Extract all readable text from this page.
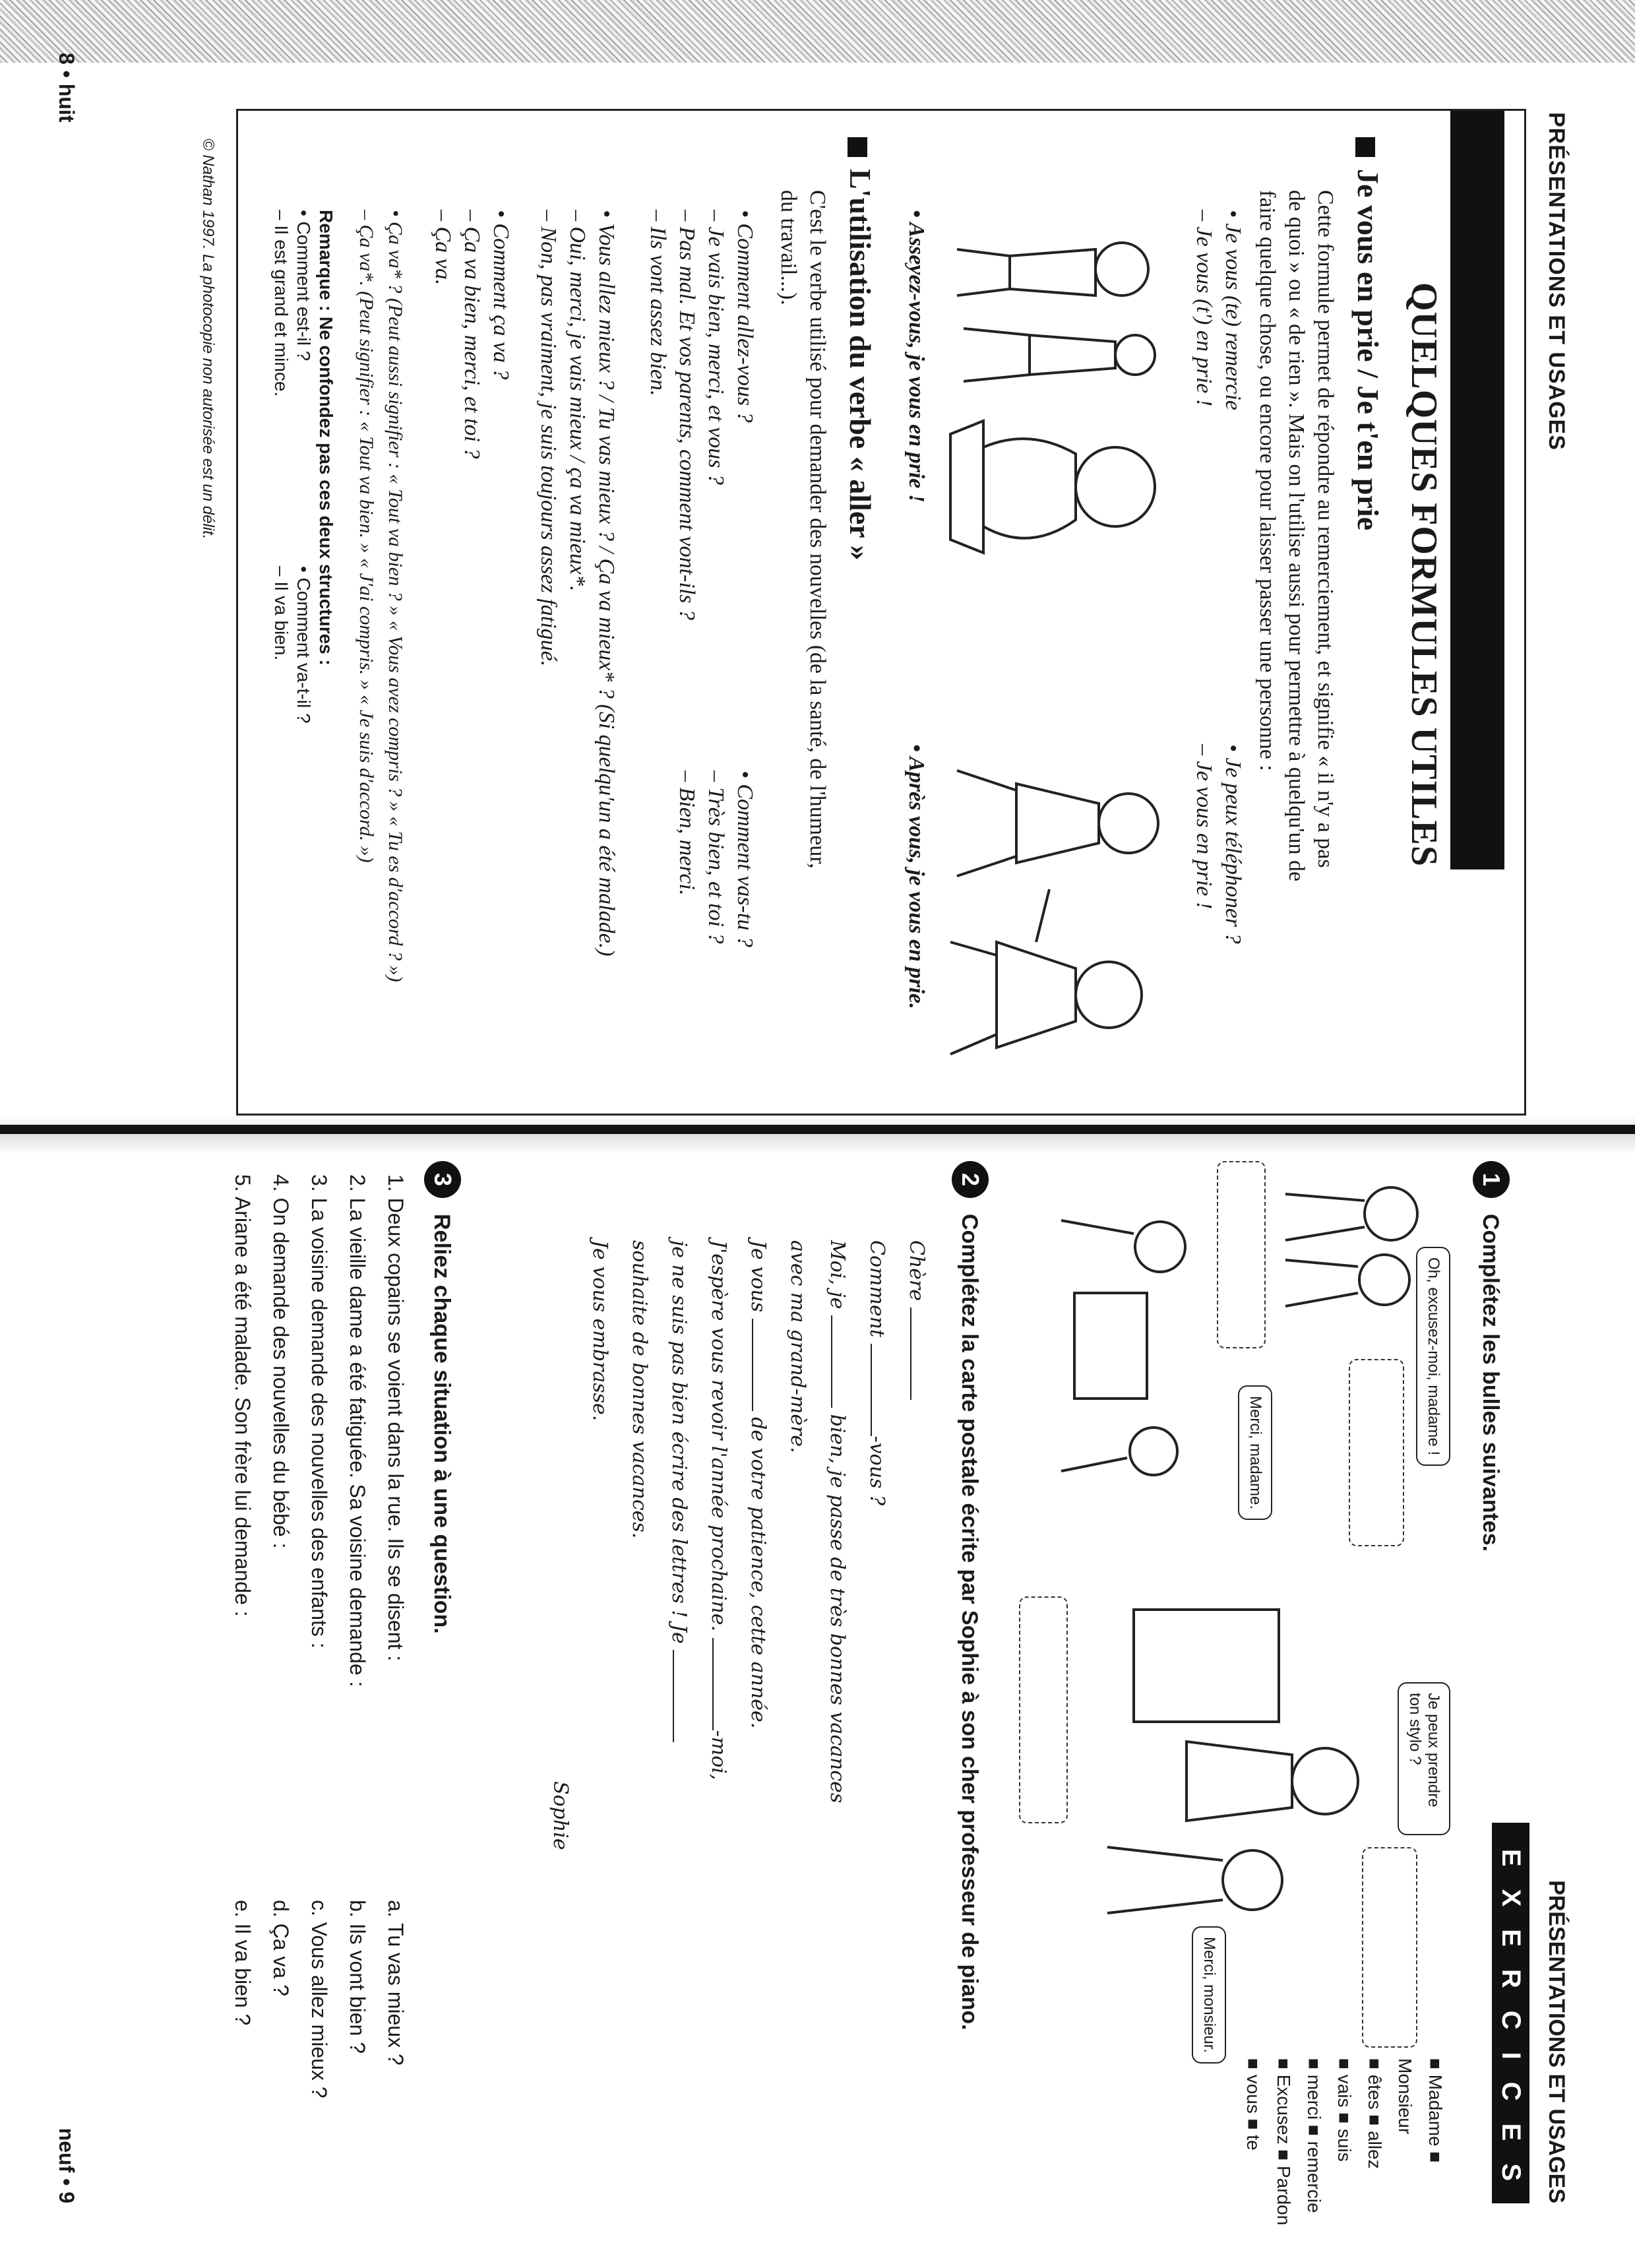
PRÉSENTATIONS ET USAGES
QUELQUES FORMULES UTILES
Je vous en prie / Je t'en prie
Cette formule permet de répondre au remerciement, et signifie « il n'y a pas
de quoi » ou « de rien ». Mais on l'utilise aussi pour permettre à quelqu'un de
faire quelque chose, ou encore pour laisser passer une personne :
• Je vous (te) remercie
– Je vous (t') en prie !
• Je peux téléphoner ?
– Je vous en prie !
• Asseyez-vous, je vous en prie !
• Après vous, je vous en prie.
L'utilisation du verbe « aller »
C'est le verbe utilisé pour demander des nouvelles (de la santé, de l'humeur,
du travail...).
• Comment allez-vous ?
– Je vais bien, merci, et vous ?
– Pas mal. Et vos parents, comment vont-ils ?
– Ils vont assez bien.
• Comment vas-tu ?
– Très bien, et toi ?
– Bien, merci.
• Vous allez mieux ? / Tu vas mieux ? / Ça va mieux* ? (Si quelqu'un a été malade.)
– Oui, merci, je vais mieux / ça va mieux*.
– Non, pas vraiment, je suis toujours assez fatigué.
• Comment ça va ?
– Ça va bien, merci, et toi ?
– Ça va.
• Ça va* ? (Peut aussi signifier : « Tout va bien ? » « Vous avez compris ? » « Tu es d'accord ? »)
– Ça va*. (Peut signifier : « Tout va bien. » « J'ai compris. » « Je suis d'accord. »)
Remarque : Ne confondez pas ces deux structures :
• Comment est-il ?
– Il est grand et mince.
• Comment va-t-il ?
– Il va bien.
© Nathan 1997. La photocopie non autorisée est un délit.
8 • huit
PRÉSENTATIONS ET USAGES
EXERCICES
1
Complétez les bulles suivantes.
Oh, excusez-moi, madame !
Merci, madame.
Je peux prendre ton stylo ?
Merci, monsieur.
■ Madame ■ Monsieur
■ êtes ■ allez
■ vais ■ suis
■ merci ■ remercie
■ Excusez ■ Pardon
■ vous ■ te
2
Complétez la carte postale écrite par Sophie à son cher professeur de piano.
Chère
Comment -vous ?
Moi, je  bien, je passe de très bonnes vacances
avec ma grand-mère.
Je vous  de votre patience, cette année.
J'espère vous revoir l'année prochaine. -moi,
je ne suis pas bien écrire des lettres ! Je
souhaite de bonnes vacances.
Je vous embrasse.
Sophie
3
Reliez chaque situation à une question.
1. Deux copains se voient dans la rue. Ils se disent :
2. La vieille dame a été fatiguée. Sa voisine demande :
3. La voisine demande des nouvelles des enfants :
4. On demande des nouvelles du bébé :
5. Ariane a été malade. Son frère lui demande :
a. Tu vas mieux ?
b. Ils vont bien ?
c. Vous allez mieux ?
d. Ça va ?
e. Il va bien ?
neuf • 9
